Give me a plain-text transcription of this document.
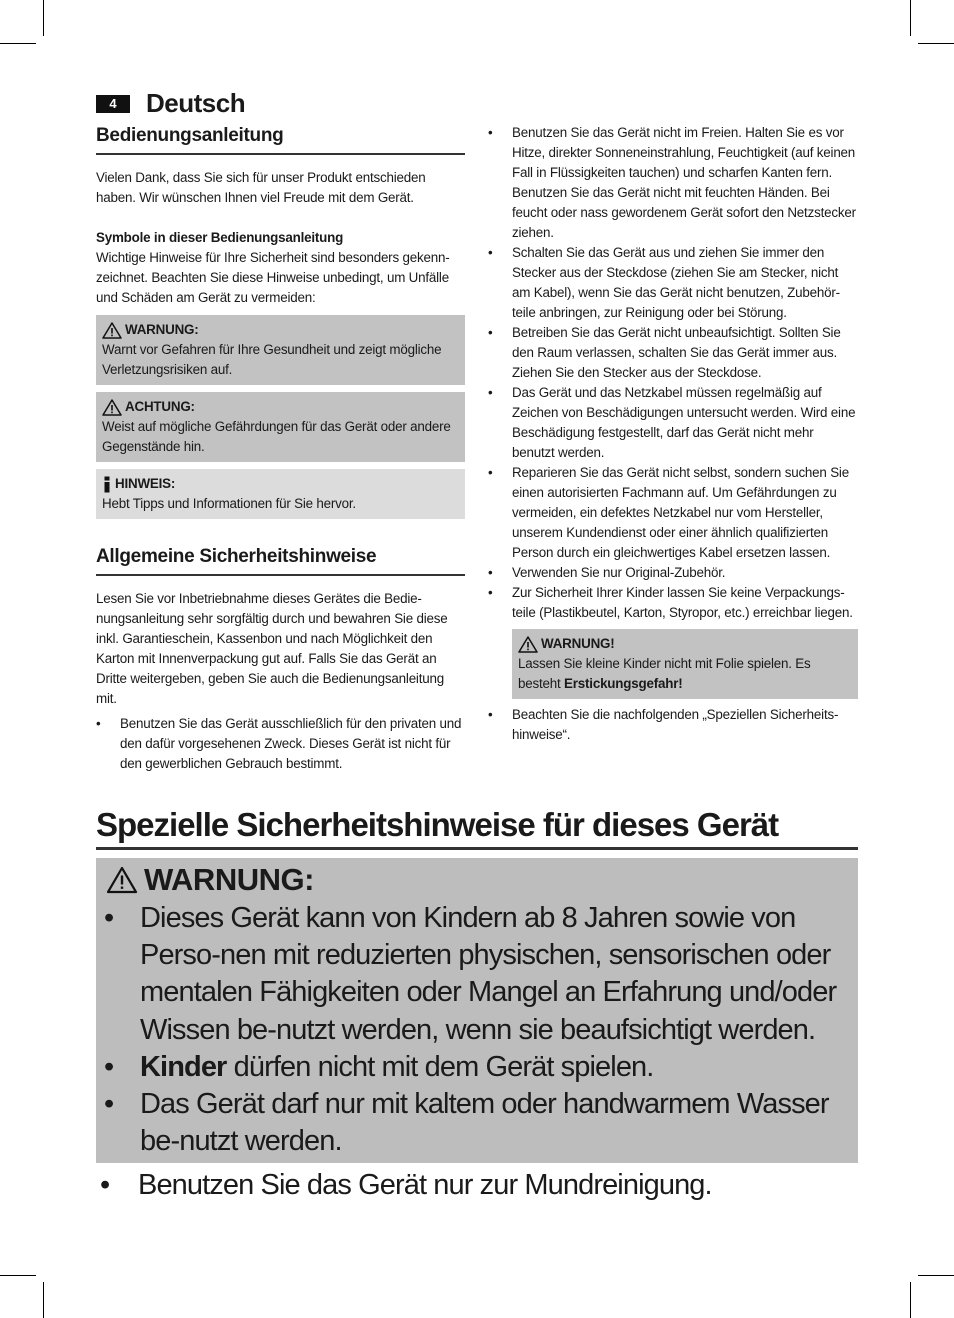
4	Deutsch
Bedienungsanleitung

Vielen Dank, dass Sie sich für unser Produkt entschieden haben. Wir wünschen Ihnen viel Freude mit dem Gerät.

Symbole in dieser Bedienungsanleitung

Wichtige Hinweise für Ihre Sicherheit sind besonders gekenn-zeichnet. Beachten Sie diese Hinweise unbedingt, um Unfälle und Schäden am Gerät zu vermeiden:

WARNUNG:

Warnt vor Gefahren für Ihre Gesundheit und zeigt mögliche Verletzungsrisiken auf.

ACHTUNG:

Weist auf mögliche Gefährdungen für das Gerät oder andere Gegenstände hin.

HINWEIS:

Hebt Tipps und Informationen für Sie hervor.

Allgemeine Sicherheitshinweise

Lesen Sie vor Inbetriebnahme dieses Gerätes die Bedie-nungsanleitung sehr sorgfältig durch und bewahren Sie diese inkl. Garantieschein, Kassenbon und nach Möglichkeit den Karton mit Innenverpackung gut auf. Falls Sie das Gerät an Dritte weitergeben, geben Sie auch die Bedienungsanleitung mit.

• Benutzen Sie das Gerät ausschließlich für den privaten und den dafür vorgesehenen Zweck. Dieses Gerät ist nicht für den gewerblichen Gebrauch bestimmt.
• Benutzen Sie das Gerät nicht im Freien. Halten Sie es vor Hitze, direkter Sonneneinstrahlung, Feuchtigkeit (auf keinen Fall in Flüssigkeiten tauchen) und scharfen Kanten fern. Benutzen Sie das Gerät nicht mit feuchten Händen. Bei feucht oder nass gewordenem Gerät sofort den Netzstecker ziehen.
• Schalten Sie das Gerät aus und ziehen Sie immer den Stecker aus der Steckdose (ziehen Sie am Stecker, nicht am Kabel), wenn Sie das Gerät nicht benutzen, Zubehör-teile anbringen, zur Reinigung oder bei Störung.
• Betreiben Sie das Gerät nicht unbeaufsichtigt. Sollten Sie den Raum verlassen, schalten Sie das Gerät immer aus. Ziehen Sie den Stecker aus der Steckdose.
• Das Gerät und das Netzkabel müssen regelmäßig auf Zeichen von Beschädigungen untersucht werden. Wird eine Beschädigung festgestellt, darf das Gerät nicht mehr benutzt werden.
• Reparieren Sie das Gerät nicht selbst, sondern suchen Sie einen autorisierten Fachmann auf. Um Gefährdungen zu vermeiden, ein defektes Netzkabel nur vom Hersteller, unserem Kundendienst oder einer ähnlich qualifizierten Person durch ein gleichwertiges Kabel ersetzen lassen.
• Verwenden Sie nur Original-Zubehör.
• Zur Sicherheit Ihrer Kinder lassen Sie keine Verpackungs-teile (Plastikbeutel, Karton, Styropor, etc.) erreichbar liegen.
WARNUNG!

Lassen Sie kleine Kinder nicht mit Folie spielen. Es besteht Erstickungsgefahr!

• Beachten Sie die nachfolgenden „Speziellen Sicherheits-hinweise“.
Spezielle Sicherheitshinweise für dieses Gerät
WARNUNG:
• Dieses Gerät kann von Kindern ab 8 Jahren sowie von Perso-nen mit reduzierten physischen, sensorischen oder mentalen Fähigkeiten oder Mangel an Erfahrung und/oder Wissen be-nutzt werden, wenn sie beaufsichtigt werden.
• Kinder dürfen nicht mit dem Gerät spielen.
• Das Gerät darf nur mit kaltem oder handwarmem Wasser be-nutzt werden.
• Benutzen Sie das Gerät nur zur Mundreinigung.
